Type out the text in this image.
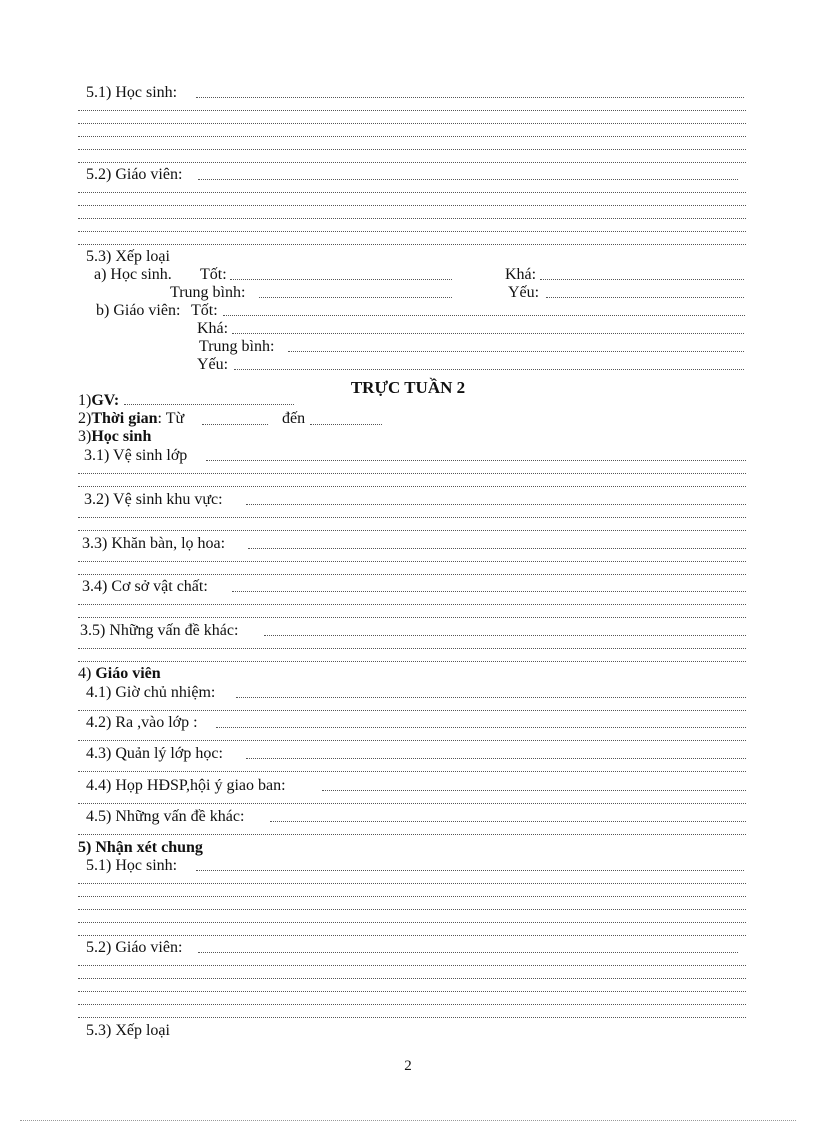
5.1) Học sinh:
5.2) Giáo viên:
5.3) Xếp loại
a) Học sinh. Tốt:	Khá:
Trung bình:	Yếu:
b) Giáo viên: Tốt:
Khá:
Trung bình:
Yếu:
TRỰC TUẦN 2
1)GV:
2)Thời gian: Từ	đến
3)Học sinh
3.1) Vệ sinh lớp
3.2) Vệ sinh khu vực:
3.3) Khăn bàn, lọ hoa:
3.4) Cơ sở vật chất:
3.5) Những vấn đề khác:
4) Giáo viên
4.1) Giờ chủ nhiệm:
4.2) Ra ,vào lớp :
4.3) Quản lý lớp học:
4.4) Họp HĐSP,hội ý giao ban:
4.5) Những vấn đề khác:
5) Nhận xét chung
5.1) Học sinh:
5.2) Giáo viên:
5.3) Xếp loại
2
